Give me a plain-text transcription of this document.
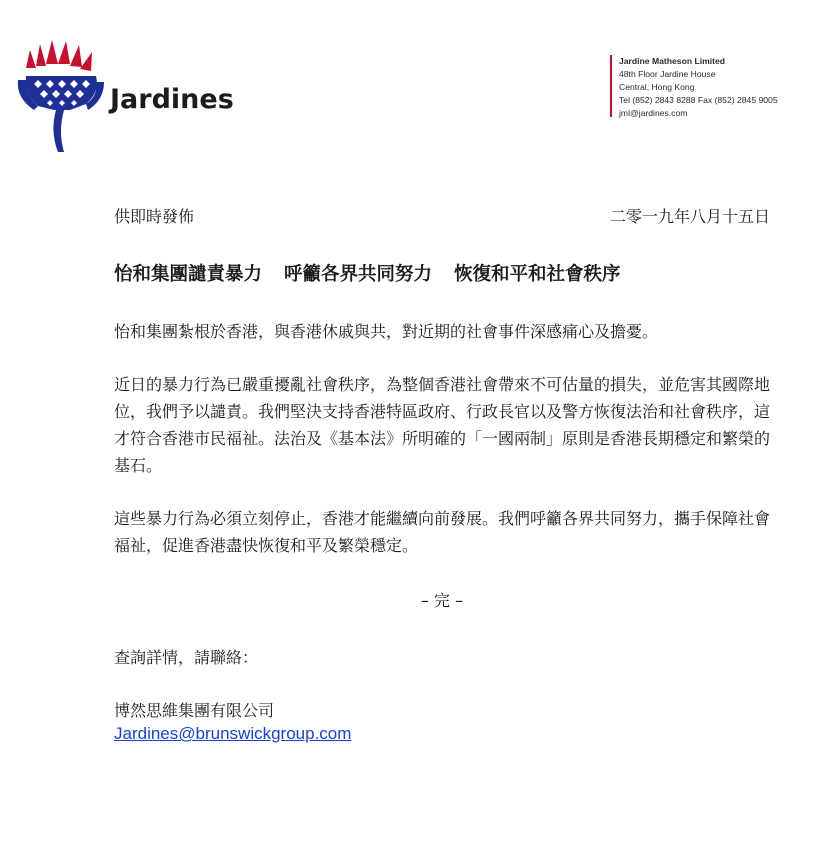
Jardines
Jardine Matheson Limited
48th Floor Jardine House
Central, Hong Kong
Tel (852) 2843 8288 Fax (852) 2845 9005
jml@jardines.com
供即時發佈	二零一九年八月十五日
怡和集團譴責暴力 呼籲各界共同努力 恢復和平和社會秩序

怡和集團紮根於香港，與香港休戚與共，對近期的社會事件深感痛心及擔憂。

近日的暴力行為已嚴重擾亂社會秩序，為整個香港社會帶來不可估量的損失，並危害其國際地位，我們予以譴責。我們堅決支持香港特區政府、行政長官以及警方恢復法治和社會秩序，這才符合香港市民福祉。法治及《基本法》所明確的「一國兩制」原則是香港長期穩定和繁榮的基石。

這些暴力行為必須立刻停止，香港才能繼續向前發展。我們呼籲各界共同努力，攜手保障社會福祉，促進香港盡快恢復和平及繁榮穩定。

– 完 –
查詢詳情，請聯絡：
博然思維集團有限公司
Jardines@brunswickgroup.com
